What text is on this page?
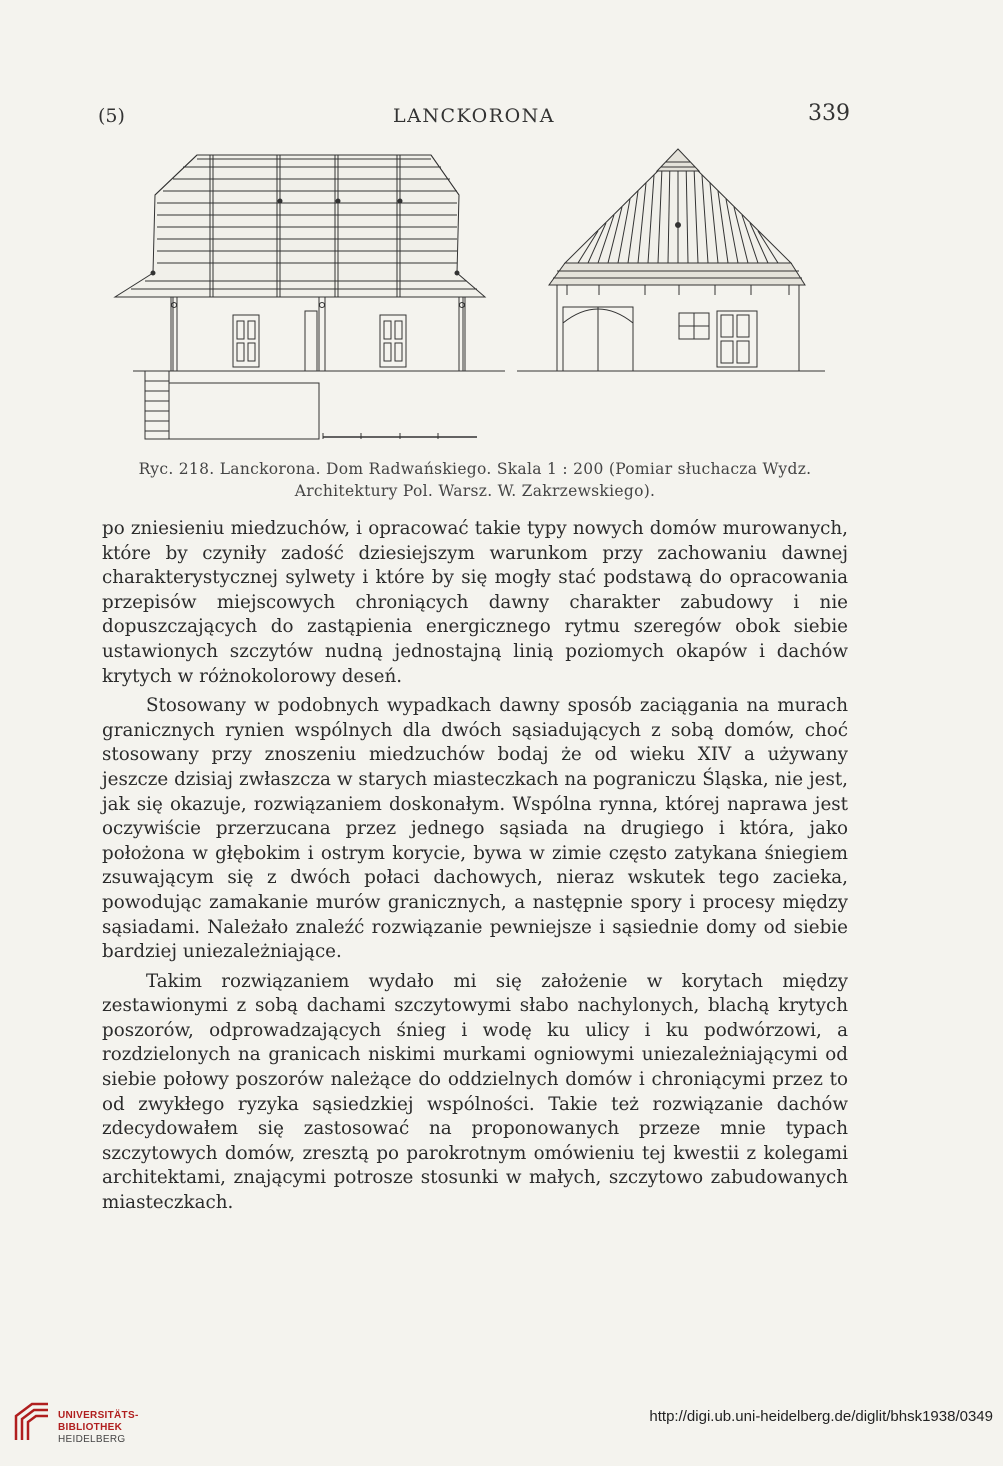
(5)	LANCKORONA	339
Ryc. 218. Lanckorona. Dom Radwańskiego. Skala 1 : 200 (Pomiar słuchacza Wydz.
Architektury Pol. Warsz. W. Zakrzewskiego).

po zniesieniu miedzuchów, i opracować takie typy nowych domów murowanych, które by czyniły zadość dziesiejszym warunkom przy zachowaniu dawnej charakterystycznej sylwety i które by się mogły stać podstawą do opracowania przepisów miejscowych chroniących dawny charakter zabudowy i nie dopuszczających do zastąpienia energicznego rytmu szeregów obok siebie ustawionych szczytów nudną jednostajną linią poziomych okapów i dachów krytych w różnokolorowy deseń.

Stosowany w podobnych wypadkach dawny sposób zaciągania na murach granicznych rynien wspólnych dla dwóch sąsiadujących z sobą domów, choć stosowany przy znoszeniu miedzuchów bodaj że od wieku XIV a używany jeszcze dzisiaj zwłaszcza w starych miasteczkach na pograniczu Śląska, nie jest, jak się okazuje, rozwiązaniem doskonałym. Wspólna rynna, której naprawa jest oczywiście przerzucana przez jednego sąsiada na drugiego i która, jako położona w głębokim i ostrym korycie, bywa w zimie często zatykana śniegiem zsuwającym się z dwóch połaci dachowych, nieraz wskutek tego zacieka, powodując zamakanie murów granicznych, a następnie spory i procesy między sąsiadami. Należało znaleźć rozwiązanie pewniejsze i sąsiednie domy od siebie bardziej uniezależniające.

Takim rozwiązaniem wydało mi się założenie w korytach między zestawionymi z sobą dachami szczytowymi słabo nachylonych, blachą krytych poszorów, odprowadzających śnieg i wodę ku ulicy i ku podwórzowi, a rozdzielonych na granicach niskimi murkami ogniowymi uniezależniającymi od siebie połowy poszorów należące do oddzielnych domów i chroniącymi przez to od zwykłego ryzyka sąsiedzkiej wspólności. Takie też rozwiązanie dachów zdecydowałem się zastosować na proponowanych przeze mnie typach szczytowych domów, zresztą po parokrotnym omówieniu tej kwestii z kolegami architektami, znającymi potrosze stosunki w małych, szczytowo zabudowanych miasteczkach.

UNIVERSITÄTS-
BIBLIOTHEK
HEIDELBERG
http://digi.ub.uni-heidelberg.de/diglit/bhsk1938/0349
